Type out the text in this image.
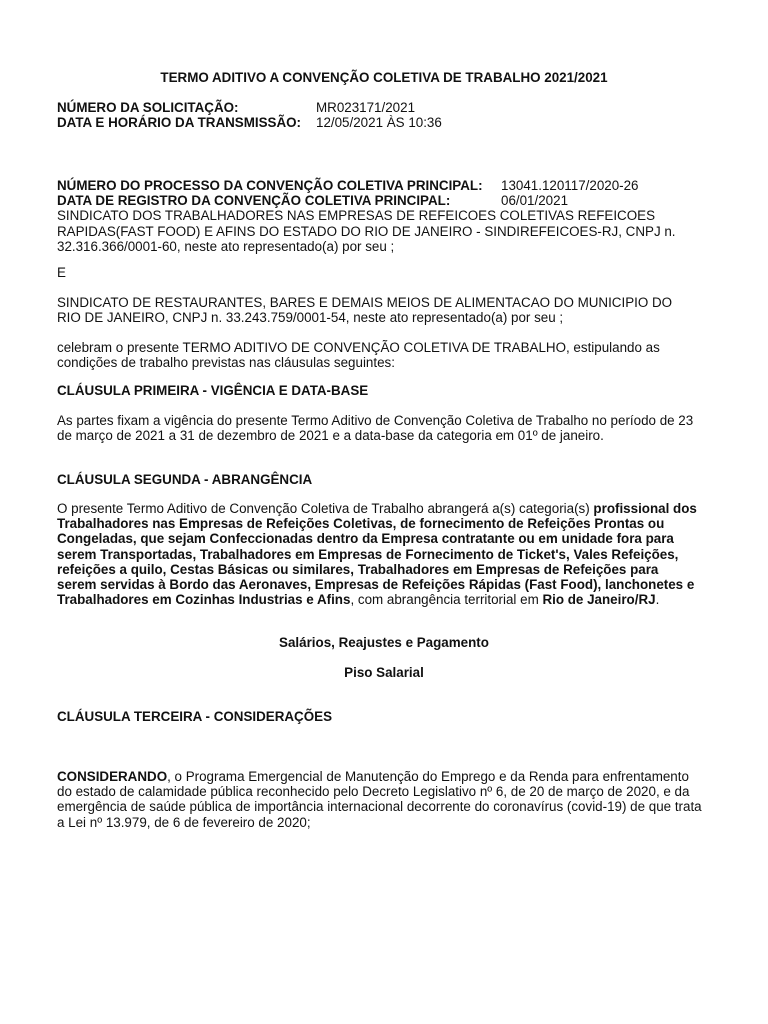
TERMO ADITIVO A CONVENÇÃO COLETIVA DE TRABALHO 2021/2021
NÚMERO DA SOLICITAÇÃO:	MR023171/2021
DATA E HORÁRIO DA TRANSMISSÃO:	12/05/2021 ÀS 10:36
NÚMERO DO PROCESSO DA CONVENÇÃO COLETIVA PRINCIPAL:	13041.120117/2020-26
DATA DE REGISTRO DA CONVENÇÃO COLETIVA PRINCIPAL:	06/01/2021

SINDICATO DOS TRABALHADORES NAS EMPRESAS DE REFEICOES COLETIVAS REFEICOES

RAPIDAS(FAST FOOD) E AFINS DO ESTADO DO RIO DE JANEIRO - SINDIREFEICOES-RJ, CNPJ n.

32.316.366/0001-60, neste ato representado(a) por seu ;

E

SINDICATO DE RESTAURANTES, BARES E DEMAIS MEIOS DE ALIMENTACAO DO MUNICIPIO DO

RIO DE JANEIRO, CNPJ n. 33.243.759/0001-54, neste ato representado(a) por seu ;

celebram o presente TERMO ADITIVO DE CONVENÇÃO COLETIVA DE TRABALHO, estipulando as

condições de trabalho previstas nas cláusulas seguintes:

CLÁUSULA PRIMEIRA - VIGÊNCIA E DATA-BASE

As partes fixam a vigência do presente Termo Aditivo de Convenção Coletiva de Trabalho no período de 23

de março de 2021 a 31 de dezembro de 2021 e a data-base da categoria em 01º de janeiro.

CLÁUSULA SEGUNDA - ABRANGÊNCIA

O presente Termo Aditivo de Convenção Coletiva de Trabalho abrangerá a(s) categoria(s) profissional dos

Trabalhadores nas Empresas de Refeições Coletivas, de fornecimento de Refeições Prontas ou

Congeladas, que sejam Confeccionadas dentro da Empresa contratante ou em unidade fora para

serem Transportadas, Trabalhadores em Empresas de Fornecimento de Ticket's, Vales Refeições,

refeições a quilo, Cestas Básicas ou similares, Trabalhadores em Empresas de Refeições para

serem servidas à Bordo das Aeronaves, Empresas de Refeições Rápidas (Fast Food), lanchonetes e

Trabalhadores em Cozinhas Industrias e Afins, com abrangência territorial em Rio de Janeiro/RJ.

Salários, Reajustes e Pagamento
Piso Salarial
CLÁUSULA TERCEIRA - CONSIDERAÇÕES

CONSIDERANDO, o Programa Emergencial de Manutenção do Emprego e da Renda para enfrentamento

do estado de calamidade pública reconhecido pelo Decreto Legislativo nº 6, de 20 de março de 2020, e da

emergência de saúde pública de importância internacional decorrente do coronavírus (covid-19) de que trata

a Lei nº 13.979, de 6 de fevereiro de 2020;
